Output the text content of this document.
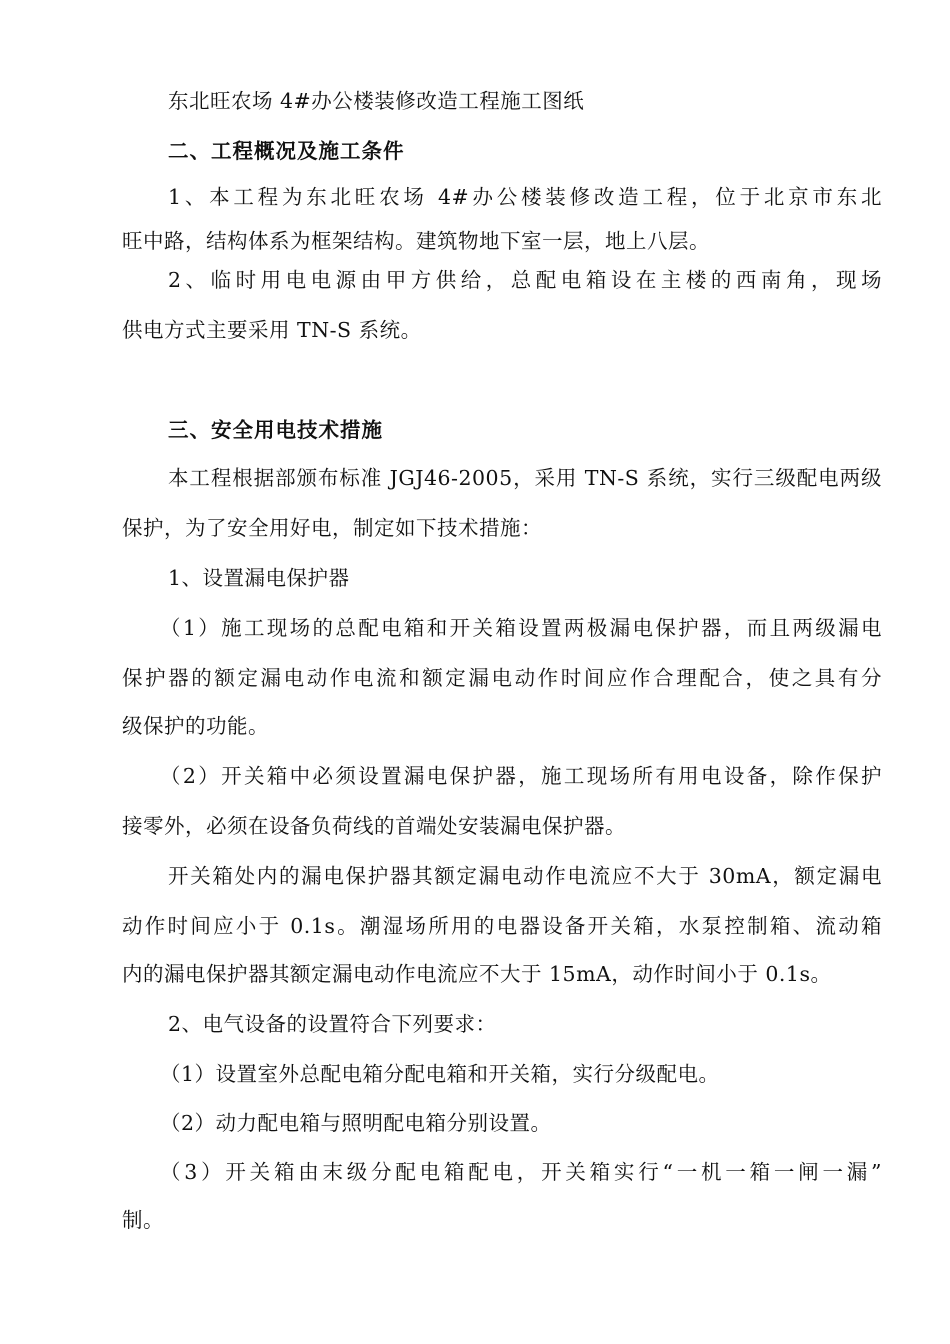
东北旺农场 4#办公楼装修改造工程施工图纸
二、工程概况及施工条件
1、本工程为东北旺农场 4#办公楼装修改造工程，位于北京市东北
旺中路，结构体系为框架结构。建筑物地下室一层，地上八层。
2、临时用电电源由甲方供给，总配电箱设在主楼的西南角，现场
供电方式主要采用 TN-S 系统。
三、安全用电技术措施
本工程根据部颁布标准 JGJ46-2005，采用 TN-S 系统，实行三级配电两级
保护，为了安全用好电，制定如下技术措施：
1、设置漏电保护器
（1）施工现场的总配电箱和开关箱设置两极漏电保护器，而且两级漏电
保护器的额定漏电动作电流和额定漏电动作时间应作合理配合，使之具有分
级保护的功能。
（2）开关箱中必须设置漏电保护器，施工现场所有用电设备，除作保护
接零外，必须在设备负荷线的首端处安装漏电保护器。
开关箱处内的漏电保护器其额定漏电动作电流应不大于 30mA，额定漏电
动作时间应小于 0.1s。潮湿场所用的电器设备开关箱，水泵控制箱、流动箱
内的漏电保护器其额定漏电动作电流应不大于 15mA，动作时间小于 0.1s。
2、电气设备的设置符合下列要求：
（1）设置室外总配电箱分配电箱和开关箱，实行分级配电。
（2）动力配电箱与照明配电箱分别设置。
（3）开关箱由末级分配电箱配电，开关箱实行“一机一箱一闸一漏”
制。
